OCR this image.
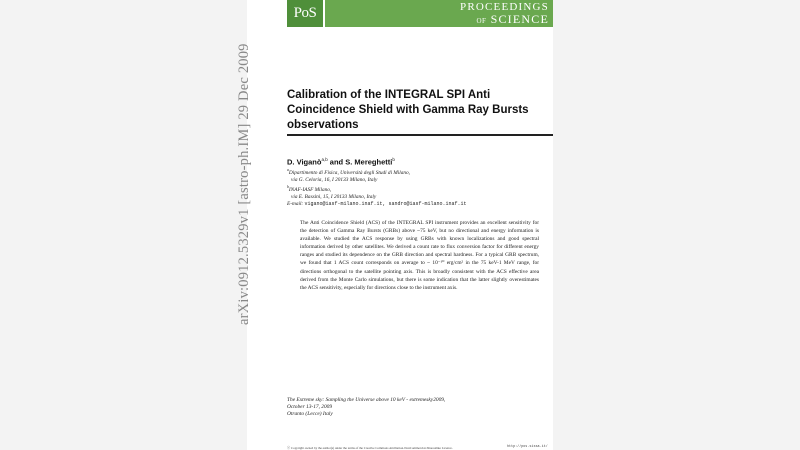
PoS	PROCEEDINGS
OF SCIENCE
Calibration of the INTEGRAL SPI Anti Coincidence Shield with Gamma Ray Bursts observations
D. Viganò$^{a,b}$ and S. Mereghetti$^b$
$^a$Dipartimento di Fisica, Università degli Studi di Milano,
via G. Celoria, 16, I 20133 Milano, Italy
$^b$INAF-IASF Milano,
via E. Bassini, 15, I 20133 Milano, Italy
E-mail: vigano@iasf-milano.inaf.it, sandro@iasf-milano.inaf.it
The Anti Coincidence Shield (ACS) of the INTEGRAL SPI instrument provides an excellent sensitivity for the detection of Gamma Ray Bursts (GRBs) above ~75 keV, but no directional and energy information is available. We studied the ACS response by using GRBs with known localizations and good spectral information derived by other satellites. We derived a count rate to flux conversion factor for different energy ranges and studied its dependence on the GRB direction and spectral hardness. For a typical GRB spectrum, we found that 1 ACS count corresponds on average to ~ 10⁻¹⁰ erg/cm² in the 75 keV-1 MeV range, for directions orthogonal to the satellite pointing axis. This is broadly consistent with the ACS effective area derived from the Monte Carlo simulations, but there is some indication that the latter slightly overestimates the ACS sensitivity, especially for directions close to the instrument axis.
The Extreme sky: Sampling the Universe above 10 keV - extremesky2009,
October 13-17, 2009
Otranto (Lecce) Italy
ⓒ Copyright owned by the author(s) under the terms of the Creative Commons Attribution-NonCommercial-ShareAlike Licence.	http://pos.sissa.it/
arXiv:0912.5329v1 [astro-ph.IM] 29 Dec 2009
